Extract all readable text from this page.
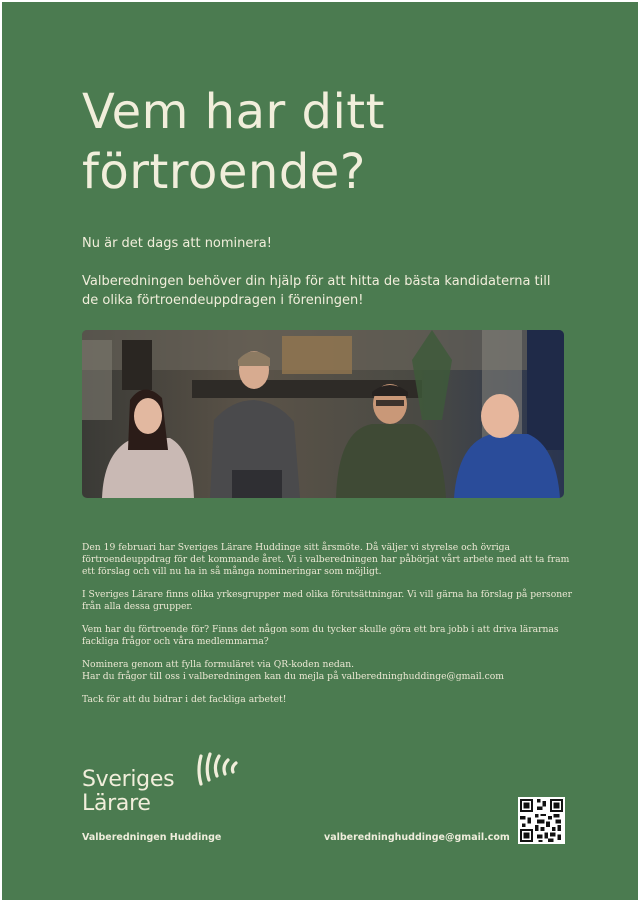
Vem har ditt förtroende?

Nu är det dags att nominera!

Valberedningen behöver din hjälp för att hitta de bästa kandidaterna till de olika förtroendeuppdragen i föreningen!

Den 19 februari har Sveriges Lärare Huddinge sitt årsmöte. Då väljer vi styrelse och övriga förtroendeuppdrag för det kommande året. Vi i valberedningen har påbörjat vårt arbete med att ta fram ett förslag och vill nu ha in så många nomineringar som möjligt.

I Sveriges Lärare finns olika yrkesgrupper med olika förutsättningar. Vi vill gärna ha förslag på personer från alla dessa grupper.

Vem har du förtroende för? Finns det någon som du tycker skulle göra ett bra jobb i att driva lärarnas fackliga frågor och våra medlemmarna?

Nominera genom att fylla formuläret via QR-koden nedan.

Har du frågor till oss i valberedningen kan du mejla på valberedninghuddinge@gmail.com

Tack för att du bidrar i det fackliga arbetet!

Sveriges
Lärare
Valberedningen Huddinge	valberedninghuddinge@gmail.com
